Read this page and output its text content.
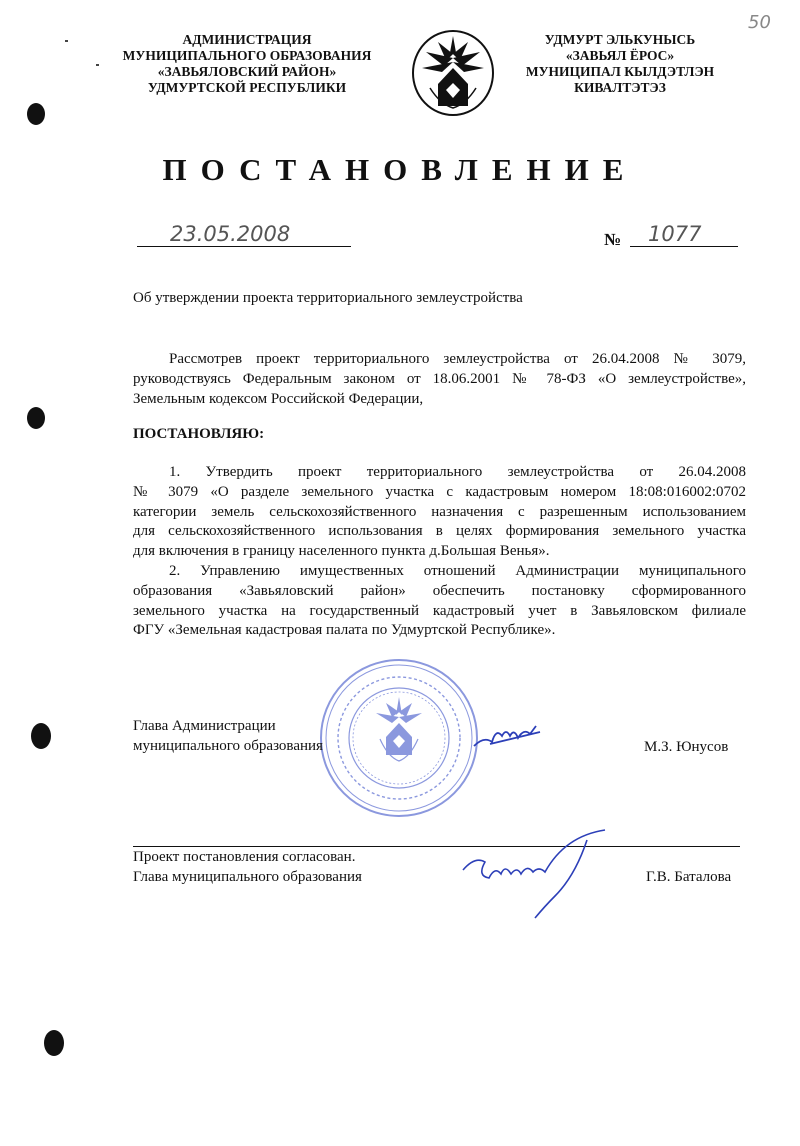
50
АДМИНИСТРАЦИЯ
МУНИЦИПАЛЬНОГО ОБРАЗОВАНИЯ
«ЗАВЬЯЛОВСКИЙ РАЙОН»
УДМУРТСКОЙ РЕСПУБЛИКИ
УДМУРТ ЭЛЬКУНЫСЬ
«ЗАВЬЯЛ ЁРОС»
МУНИЦИПАЛ КЫЛДЭТЛЭН
КИВАЛТЭТЭЗ
ПОСТАНОВЛЕНИЕ
23.05.2008	№ 1077
Об утверждении проекта территориального землеустройства
Рассмотрев проект территориального землеустройства от 26.04.2008 № 3079,
руководствуясь Федеральным законом от 18.06.2001 № 78-ФЗ «О землеустройстве»,
Земельным кодексом Российской Федерации,
ПОСТАНОВЛЯЮ:
1. Утвердить проект территориального землеустройства от 26.04.2008
№ 3079 «О разделе земельного участка с кадастровым номером 18:08:016002:0702
категории земель сельскохозяйственного назначения с разрешенным использованием
для сельскохозяйственного использования в целях формирования земельного участка
для включения в границу населенного пункта д.Большая Венья».
2. Управлению имущественных отношений Администрации муниципального
образования «Завьяловский район» обеспечить постановку сформированного
земельного участка на государственный кадастровый учет в Завьяловском филиале
ФГУ «Земельная кадастровая палата по Удмуртской Республике».
Глава Администрации
муниципального образования	М.З. Юнусов
Проект постановления согласован.
Глава муниципального образования	Г.В. Баталова
